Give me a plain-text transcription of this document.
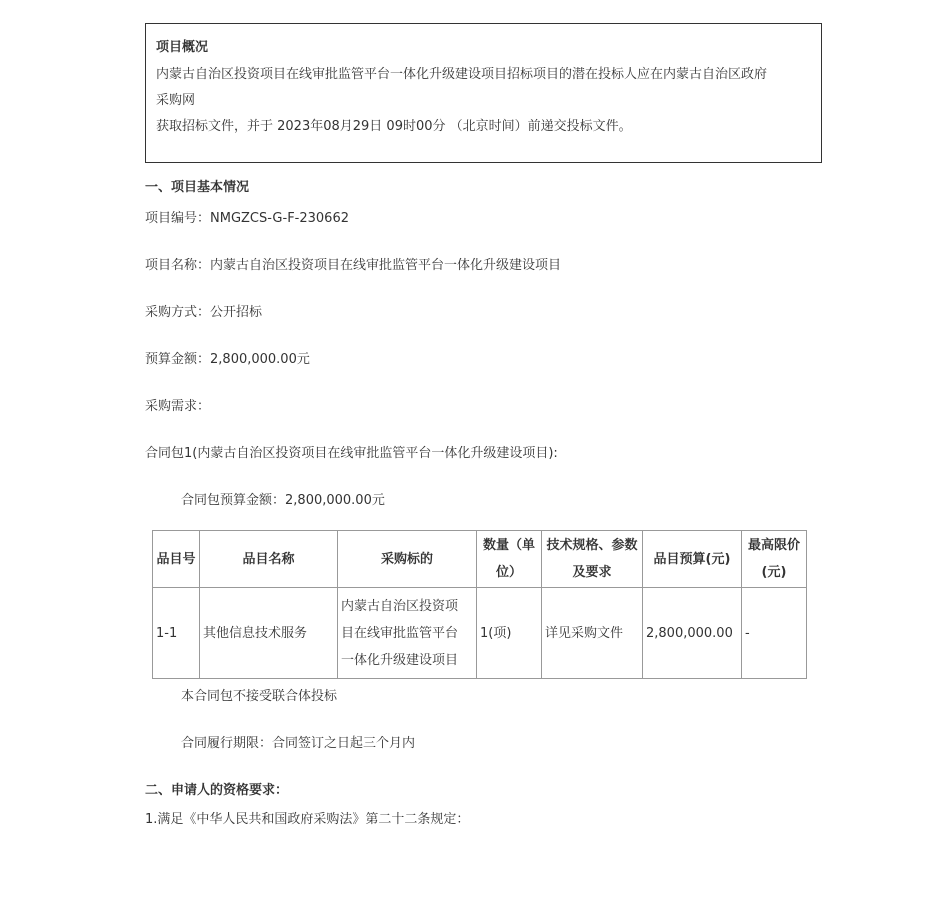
项目概况
内蒙古自治区投资项目在线审批监管平台一体化升级建设项目招标项目的潜在投标人应在内蒙古自治区政府
采购网
获取招标文件，并于 2023年08月29日 09时00分 （北京时间）前递交投标文件。
一、项目基本情况
项目编号：NMGZCS-G-F-230662
项目名称：内蒙古自治区投资项目在线审批监管平台一体化升级建设项目
采购方式：公开招标
预算金额：2,800,000.00元
采购需求：
合同包1(内蒙古自治区投资项目在线审批监管平台一体化升级建设项目):
合同包预算金额：2,800,000.00元
品目号	品目名称	采购标的	数量（单
位）	技术规格、参数
及要求	品目预算(元)	最高限价
(元)

1-1	其他信息技术服务	内蒙古自治区投资项
目在线审批监管平台
一体化升级建设项目	1(项)	详见采购文件	2,800,000.00	-
本合同包不接受联合体投标
合同履行期限：合同签订之日起三个月内
二、申请人的资格要求：
1.满足《中华人民共和国政府采购法》第二十二条规定：
